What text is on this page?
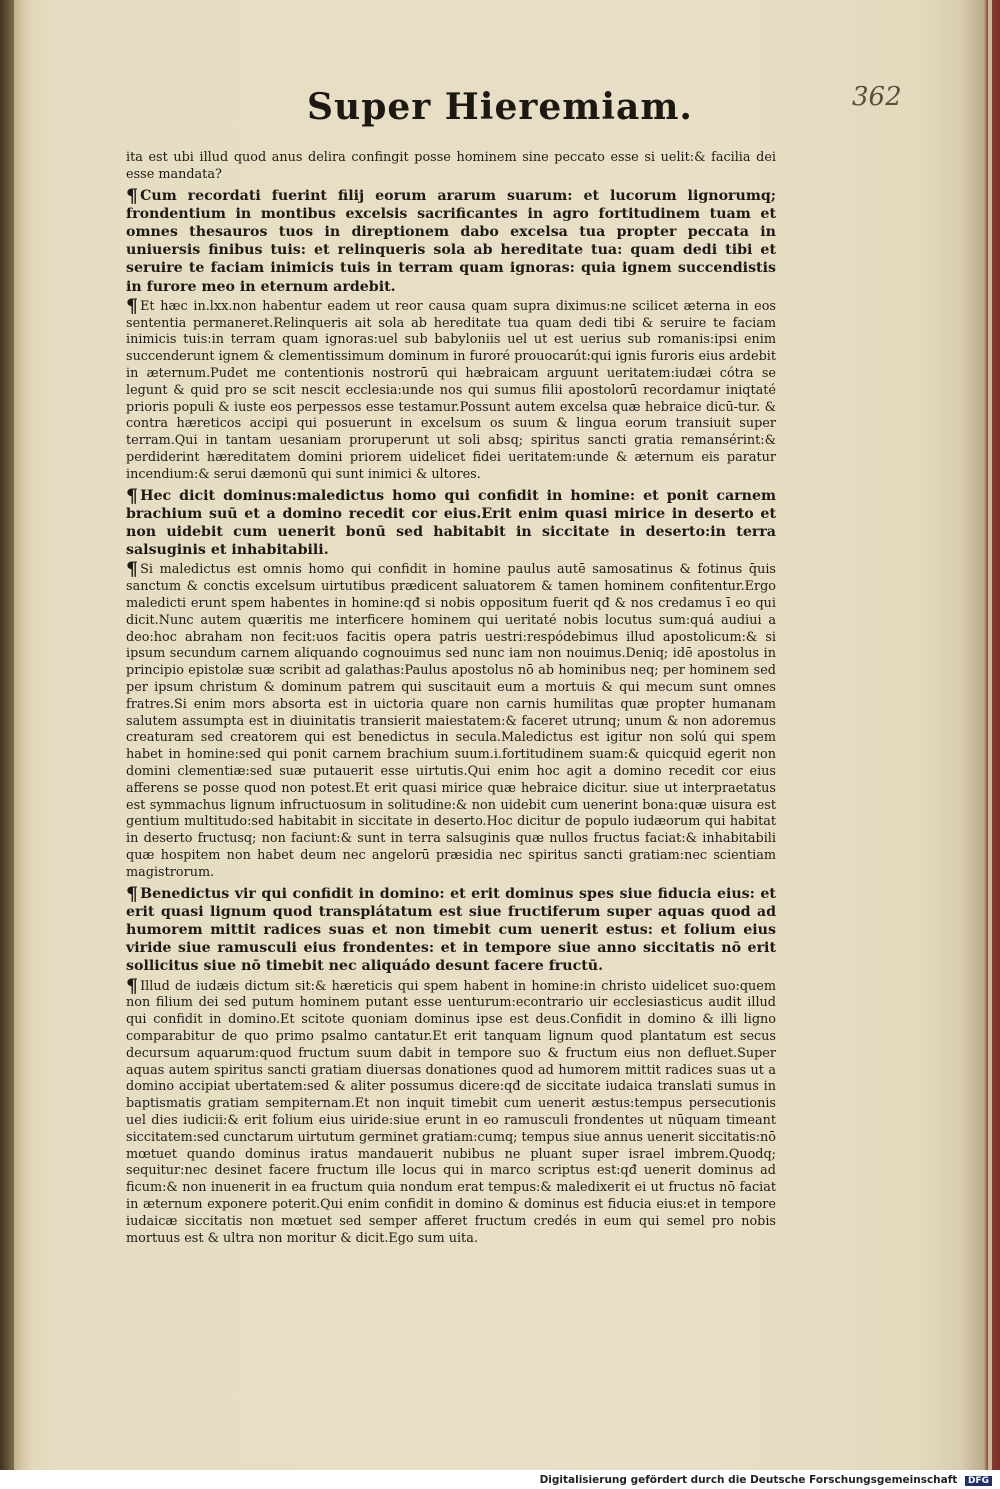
Super Hieremiam.	362

ita est ubi illud quod anus delira confingit posse hominem sine peccato esse si uelit:& facilia dei esse mandata?

¶ Cum recordati fuerint filij eorum ararum suarum: et lucorum lignorumq; frondentium in montibus excelsis sacrificantes in agro fortitudinem tuam et omnes thesauros tuos in direptionem dabo excelsa tua propter peccata in uniuersis finibus tuis: et relinqueris sola ab hereditate tua: quam dedi tibi et seruire te faciam inimicis tuis in terram quam ignoras: quia ignem succendistis in furore meo in eternum ardebit.

¶ Et hæc in.lxx.non habentur eadem ut reor causa quam supra diximus:ne scilicet æterna in eos sententia permaneret.Relinqueris ait sola ab hereditate tua quam dedi tibi & seruire te faciam inimicis tuis:in terram quam ignoras:uel sub babyloniis uel ut est uerius sub romanis:ipsi enim succenderunt ignem & clementissimum dominum in furoré prouocarút:qui ignis furoris eius ardebit in æternum.Pudet me contentionis nostrorū qui hæbraicam arguunt ueritatem:iudæi cótra se legunt & quid pro se scit nescit ecclesia:unde nos qui sumus filii apostolorū recordamur iniqtaté prioris populi & iuste eos perpessos esse testamur.Possunt autem excelsa quæ hebraice dicū-tur. & contra hæreticos accipi qui posuerunt in excelsum os suum & lingua eorum transiuit super terram.Qui in tantam uesaniam proruperunt ut soli absq; spiritus sancti gratia remansérint:& perdiderint hæreditatem domini priorem uidelicet fidei ueritatem:unde & æternum eis paratur incendium:& serui dæmonū qui sunt inimici & ultores.

¶ Hec dicit dominus:maledictus homo qui confidit in homine: et ponit carnem brachium suū et a domino recedit cor eius.Erit enim quasi mirice in deserto et non uidebit cum uenerit bonū sed habitabit in siccitate in deserto:in terra salsuginis et inhabitabili.

¶ Si maledictus est omnis homo qui confidit in homine paulus autē samosatinus & fotinus q̄uis sanctum & conctis excelsum uirtutibus prædicent saluatorem & tamen hominem confitentur.Ergo maledicti erunt spem habentes in homine:qđ si nobis oppositum fuerit qđ & nos credamus ī eo qui dicit.Nunc autem quæritis me interficere hominem qui ueritaté nobis locutus sum:quá audiui a deo:hoc abraham non fecit:uos facitis opera patris uestri:respódebimus illud apostolicum:& si ipsum secundum carnem aliquando cognouimus sed nunc iam non nouimus.Deniq; idē apostolus in principio epistolæ suæ scribit ad galathas:Paulus apostolus nō ab hominibus neq; per hominem sed per ipsum christum & dominum patrem qui suscitauit eum a mortuis & qui mecum sunt omnes fratres.Si enim mors absorta est in uictoria quare non carnis humilitas quæ propter humanam salutem assumpta est in diuinitatis transierit maiestatem:& faceret utrunq; unum & non adoremus creaturam sed creatorem qui est benedictus in secula.Maledictus est igitur non solú qui spem habet in homine:sed qui ponit carnem brachium suum.i.fortitudinem suam:& quicquid egerit non domini clementiæ:sed suæ putauerit esse uirtutis.Qui enim hoc agit a domino recedit cor eius afferens se posse quod non potest.Et erit quasi mirice quæ hebraice dicitur. siue ut interpraetatus est symmachus lignum infructuosum in solitudine:& non uidebit cum uenerint bona:quæ uisura est gentium multitudo:sed habitabit in siccitate in deserto.Hoc dicitur de populo iudæorum qui habitat in deserto fructusq; non faciunt:& sunt in terra salsuginis quæ nullos fructus faciat:& inhabitabili quæ hospitem non habet deum nec angelorū præsidia nec spiritus sancti gratiam:nec scientiam magistrorum.

¶ Benedictus vir qui confidit in domino: et erit dominus spes siue fiducia eius: et erit quasi lignum quod transplátatum est siue fructiferum super aquas quod ad humorem mittit radices suas et non timebit cum uenerit estus: et folium eius viride siue ramusculi eius frondentes: et in tempore siue anno siccitatis nō erit sollicitus siue nō timebit nec aliquádo desunt facere fructū.

¶ Illud de iudæis dictum sit:& hæreticis qui spem habent in homine:in christo uidelicet suo:quem non filium dei sed putum hominem putant esse uenturum:econtrario uir ecclesiasticus audit illud qui confidit in domino.Et scitote quoniam dominus ipse est deus.Confidit in domino & illi ligno comparabitur de quo primo psalmo cantatur.Et erit tanquam lignum quod plantatum est secus decursum aquarum:quod fructum suum dabit in tempore suo & fructum eius non defluet.Super aquas autem spiritus sancti gratiam diuersas donationes quod ad humorem mittit radices suas ut a domino accipiat ubertatem:sed & aliter possumus dicere:qđ de siccitate iudaica translati sumus in baptismatis gratiam sempiternam.Et non inquit timebit cum uenerit æstus:tempus persecutionis uel dies iudicii:& erit folium eius uiride:siue erunt in eo ramusculi frondentes ut nūquam timeant siccitatem:sed cunctarum uirtutum germinet gratiam:cumq; tempus siue annus uenerit siccitatis:nō mœtuet quando dominus iratus mandauerit nubibus ne pluant super israel imbrem.Quodq; sequitur:nec desinet facere fructum ille locus qui in marco scriptus est:qđ uenerit dominus ad ficum:& non inuenerit in ea fructum quia nondum erat tempus:& maledixerit ei ut fructus nō faciat in æternum exponere poterit.Qui enim confidit in domino & dominus est fiducia eius:et in tempore iudaicæ siccitatis non mœtuet sed semper afferet fructum credés in eum qui semel pro nobis mortuus est & ultra non moritur & dicit.Ego sum uita.

Digitalisierung gefördert durch die Deutsche Forschungsgemeinschaft DFG
